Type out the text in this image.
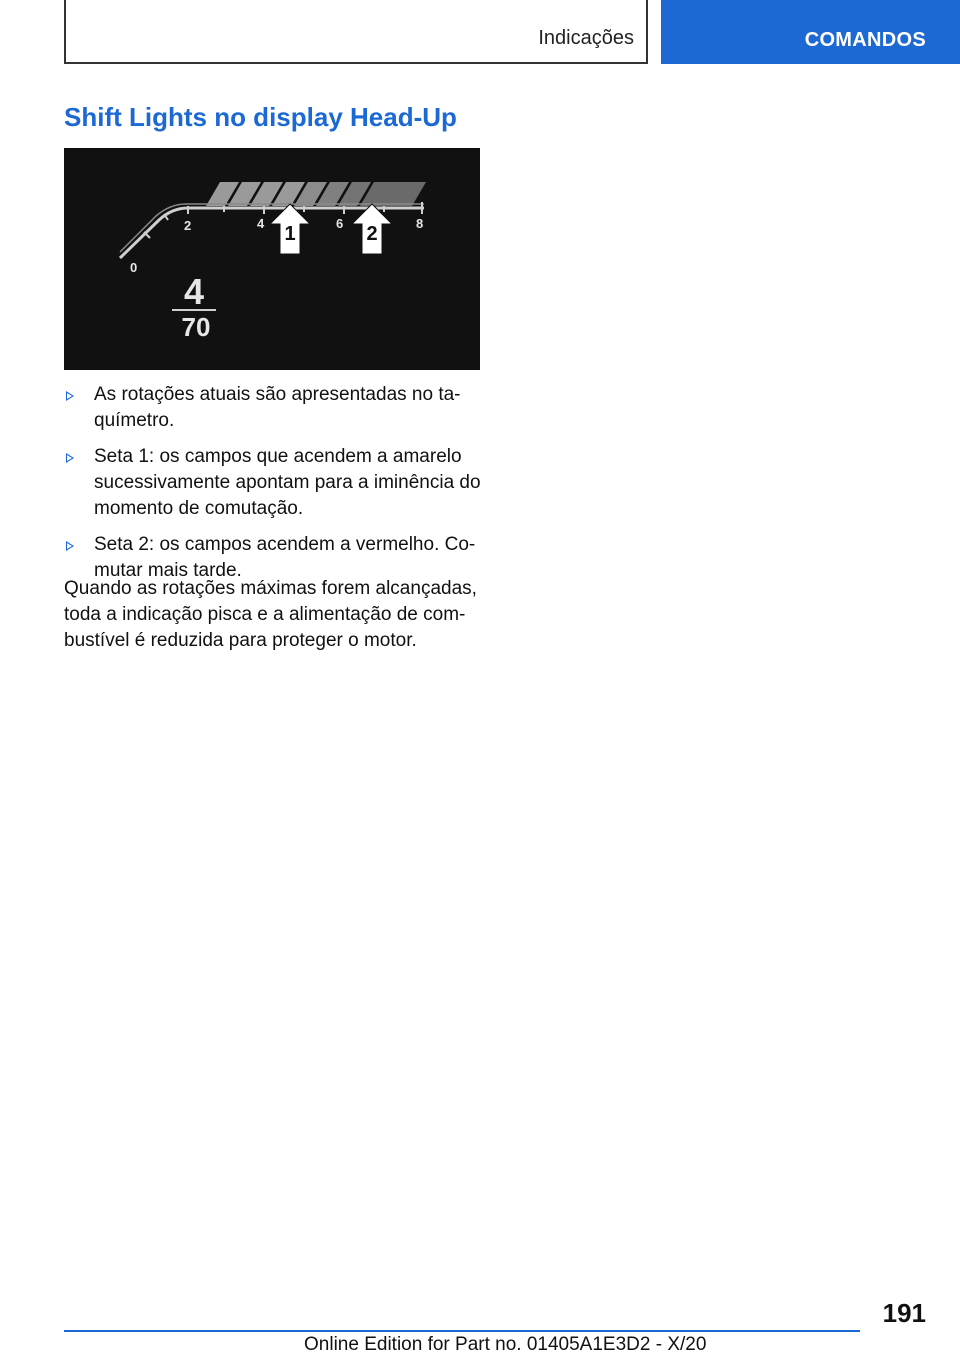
Indicações	COMANDOS
Shift Lights no display Head-Up
0
2	4	6	8
1	2
4
70
As rotações atuais são apresentadas no ta-químetro.
Seta 1: os campos que acendem a amarelo sucessivamente apontam para a iminência do momento de comutação.
Seta 2: os campos acendem a vermelho. Co-mutar mais tarde.

Quando as rotações máximas forem alcançadas, toda a indicação pisca e a alimentação de com-bustível é reduzida para proteger o motor.

191
Online Edition for Part no. 01405A1E3D2 - X/20
